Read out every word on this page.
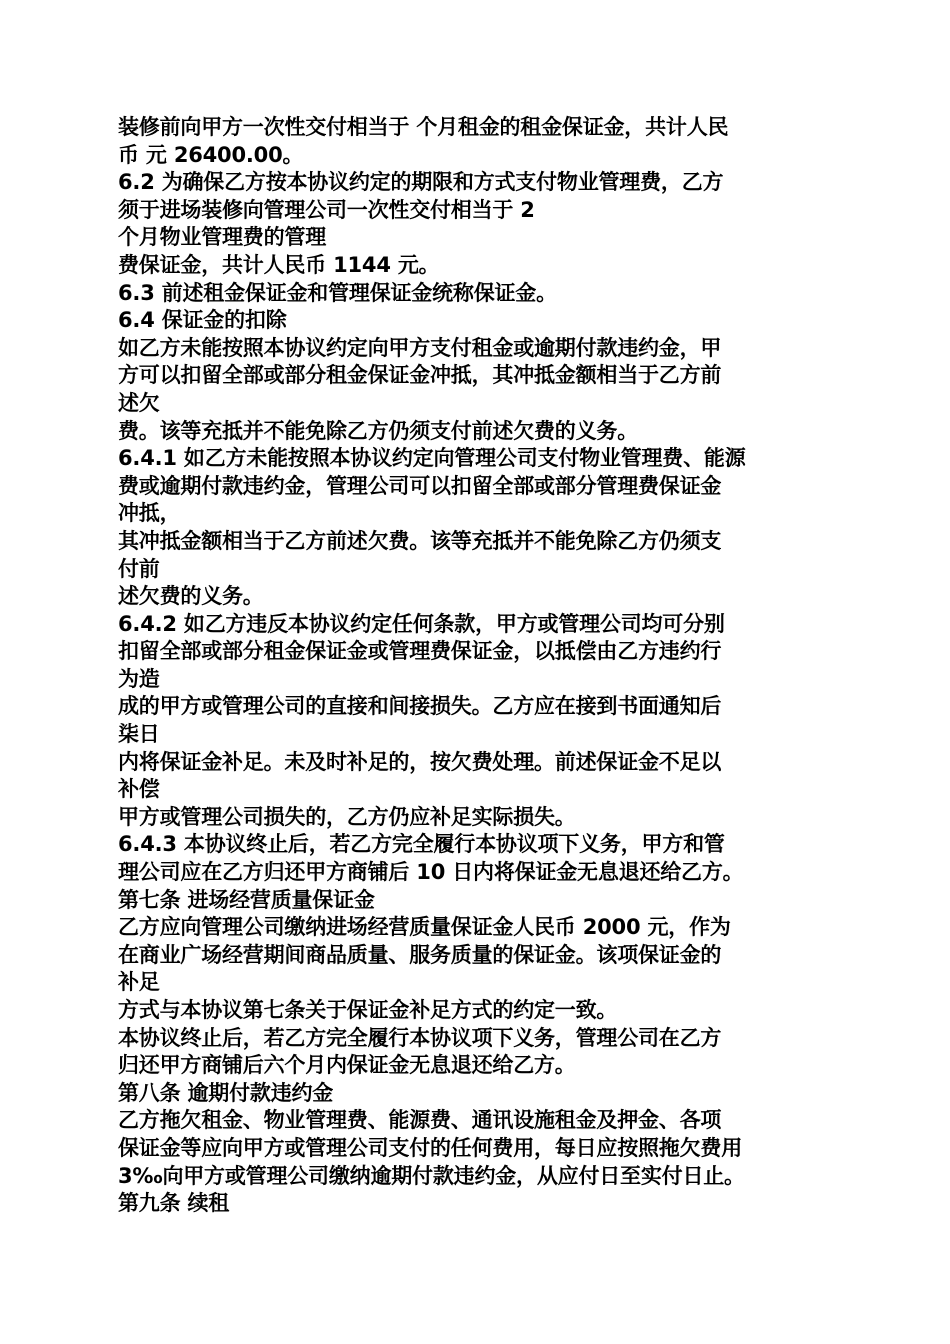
装修前向甲方一次性交付相当于 个月租金的租金保证金，共计人民
币 元 26400.00。
6.2 为确保乙方按本协议约定的期限和方式支付物业管理费，乙方
须于进场装修向管理公司一次性交付相当于 2
个月物业管理费的管理
费保证金，共计人民币 1144 元。
6.3 前述租金保证金和管理保证金统称保证金。
6.4 保证金的扣除
如乙方未能按照本协议约定向甲方支付租金或逾期付款违约金，甲
方可以扣留全部或部分租金保证金冲抵，其冲抵金额相当于乙方前
述欠
费。该等充抵并不能免除乙方仍须支付前述欠费的义务。
6.4.1 如乙方未能按照本协议约定向管理公司支付物业管理费、能源
费或逾期付款违约金，管理公司可以扣留全部或部分管理费保证金
冲抵，
其冲抵金额相当于乙方前述欠费。该等充抵并不能免除乙方仍须支
付前
述欠费的义务。
6.4.2 如乙方违反本协议约定任何条款，甲方或管理公司均可分别
扣留全部或部分租金保证金或管理费保证金，以抵偿由乙方违约行
为造
成的甲方或管理公司的直接和间接损失。乙方应在接到书面通知后
柒日
内将保证金补足。未及时补足的，按欠费处理。前述保证金不足以
补偿
甲方或管理公司损失的，乙方仍应补足实际损失。
6.4.3 本协议终止后，若乙方完全履行本协议项下义务，甲方和管
理公司应在乙方归还甲方商铺后 10 日内将保证金无息退还给乙方。
第七条 进场经营质量保证金
乙方应向管理公司缴纳进场经营质量保证金人民币 2000 元，作为
在商业广场经营期间商品质量、服务质量的保证金。该项保证金的
补足
方式与本协议第七条关于保证金补足方式的约定一致。
本协议终止后，若乙方完全履行本协议项下义务，管理公司在乙方
归还甲方商铺后六个月内保证金无息退还给乙方。
第八条 逾期付款违约金
乙方拖欠租金、物业管理费、能源费、通讯设施租金及押金、各项
保证金等应向甲方或管理公司支付的任何费用，每日应按照拖欠费用
3‰向甲方或管理公司缴纳逾期付款违约金，从应付日至实付日止。
第九条 续租
